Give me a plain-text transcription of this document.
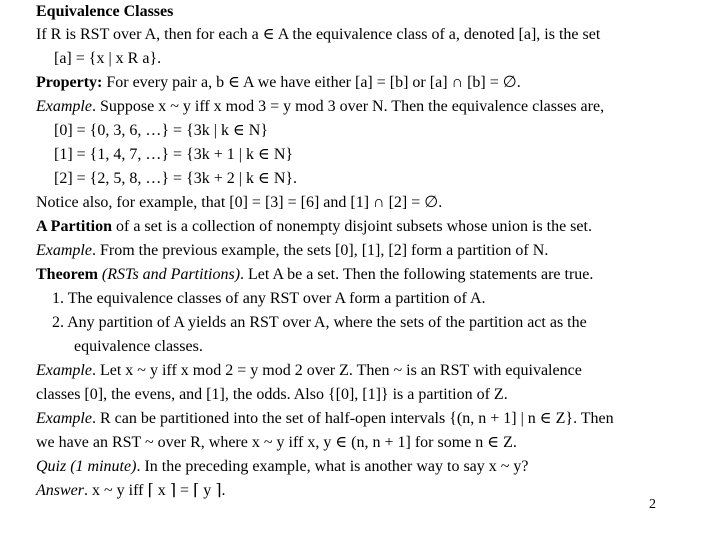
Equivalence Classes
If R is RST over A, then for each a ∈ A the equivalence class of a, denoted [a], is the set
[a] = {x | x R a}.
Property: For every pair a, b ∈ A we have either [a] = [b] or [a] ∩ [b] = ∅.
Example. Suppose x ~ y iff x mod 3 = y mod 3 over N. Then the equivalence classes are,
[0] = {0, 3, 6, …} = {3k | k ∈ N}
[1] = {1, 4, 7, …} = {3k + 1 | k ∈ N}
[2] = {2, 5, 8, …} = {3k + 2 | k ∈ N}.
Notice also, for example, that [0] = [3] = [6] and [1] ∩ [2] = ∅.
A Partition of a set is a collection of nonempty disjoint subsets whose union is the set.
Example. From the previous example, the sets [0], [1], [2] form a partition of N.
Theorem (RSTs and Partitions). Let A be a set. Then the following statements are true.
1. The equivalence classes of any RST over A form a partition of A.
2. Any partition of A yields an RST over A, where the sets of the partition act as the
equivalence classes.
Example. Let x ~ y iff x mod 2 = y mod 2 over Z. Then ~ is an RST with equivalence
classes [0], the evens, and [1], the odds. Also {[0], [1]} is a partition of Z.
Example. R can be partitioned into the set of half-open intervals {(n, n + 1] | n ∈ Z}. Then
we have an RST ~ over R, where x ~ y iff x, y ∈ (n, n + 1] for some n ∈ Z.
Quiz (1 minute). In the preceding example, what is another way to say x ~ y?
Answer. x ~ y iff ⌈ x ⌉ = ⌈ y ⌉.
2
